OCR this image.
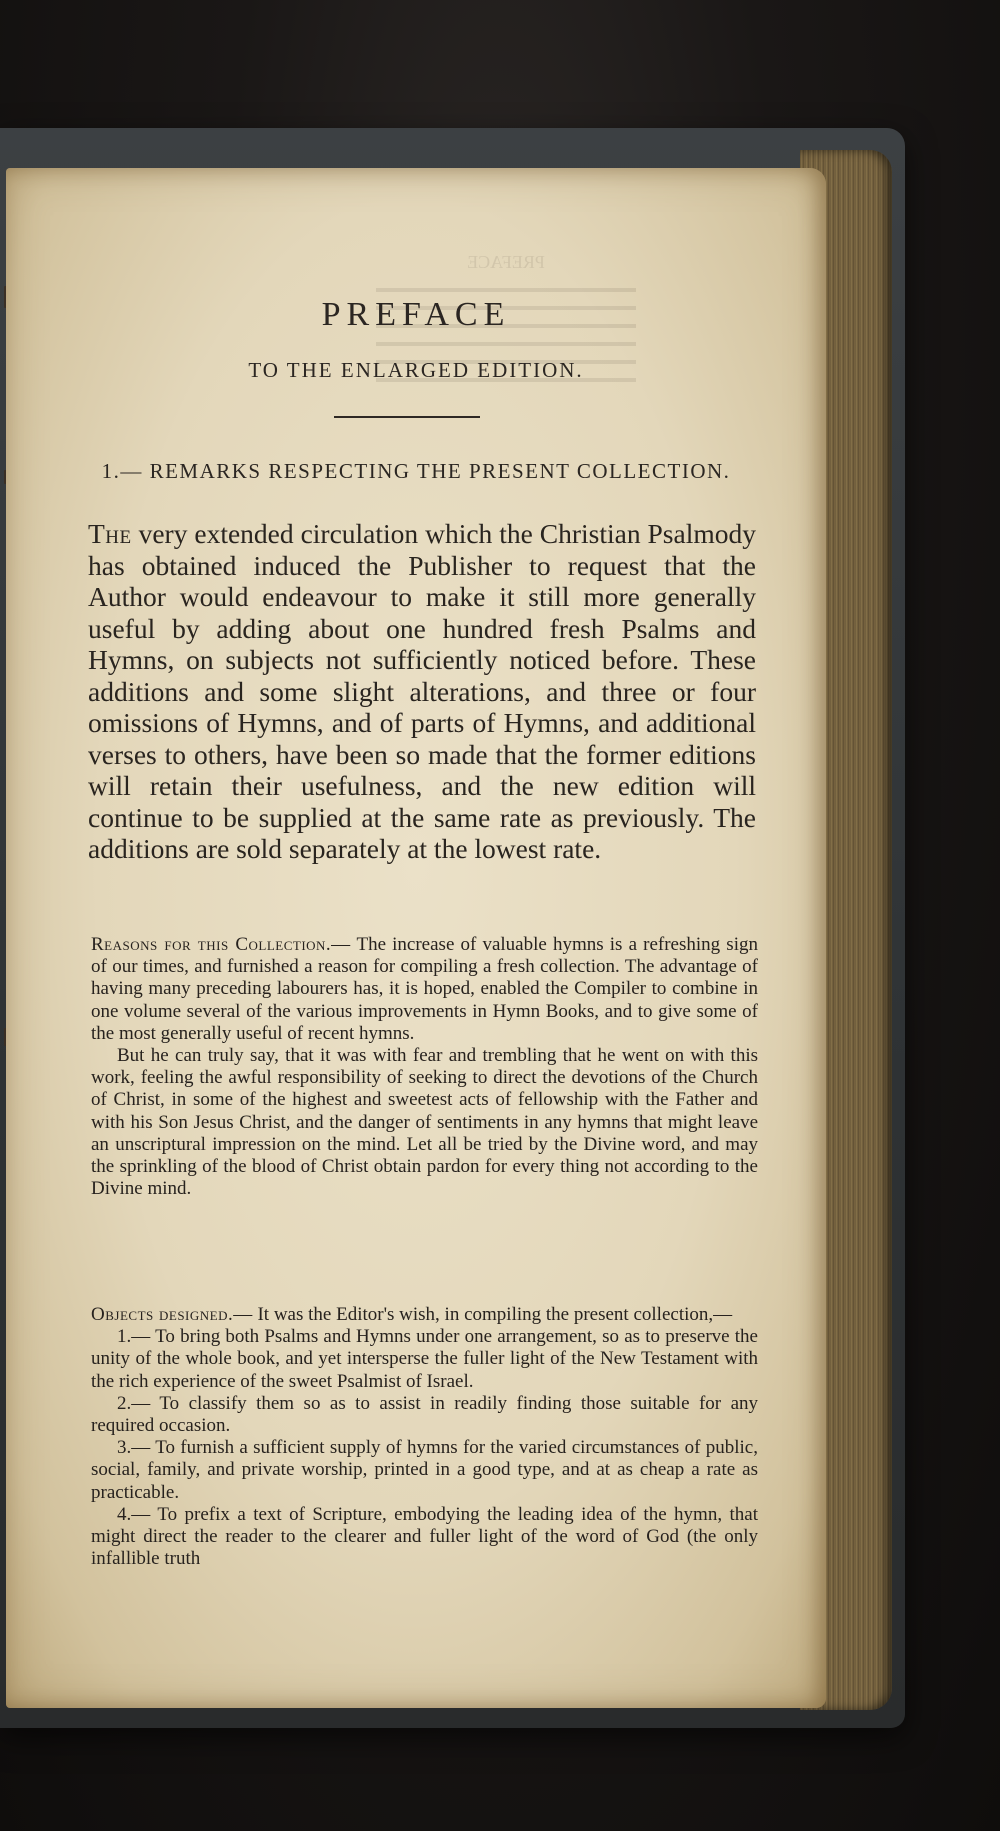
PREFACE
PREFACE
TO THE ENLARGED EDITION.
1.— REMARKS RESPECTING THE PRESENT COLLECTION.
The very extended circulation which the Christian Psalmody has obtained induced the Publisher to request that the Author would endeavour to make it still more generally useful by adding about one hundred fresh Psalms and Hymns, on subjects not sufficiently noticed before. These additions and some slight alterations, and three or four omissions of Hymns, and of parts of Hymns, and additional verses to others, have been so made that the former editions will retain their usefulness, and the new edition will continue to be supplied at the same rate as previously. The additions are sold separately at the lowest rate.

Reasons for this Collection.— The increase of valuable hymns is a refreshing sign of our times, and furnished a reason for compiling a fresh collection. The advantage of having many preceding labourers has, it is hoped, enabled the Compiler to combine in one volume several of the various improvements in Hymn Books, and to give some of the most generally useful of recent hymns.

But he can truly say, that it was with fear and trembling that he went on with this work, feeling the awful responsibility of seeking to direct the devotions of the Church of Christ, in some of the highest and sweetest acts of fellowship with the Father and with his Son Jesus Christ, and the danger of sentiments in any hymns that might leave an unscriptural impression on the mind. Let all be tried by the Divine word, and may the sprinkling of the blood of Christ obtain pardon for every thing not according to the Divine mind.

Objects designed.— It was the Editor's wish, in compiling the present collection,—

1.— To bring both Psalms and Hymns under one arrangement, so as to preserve the unity of the whole book, and yet intersperse the fuller light of the New Testament with the rich experience of the sweet Psalmist of Israel.

2.— To classify them so as to assist in readily finding those suitable for any required occasion.

3.— To furnish a sufficient supply of hymns for the varied circumstances of public, social, family, and private worship, printed in a good type, and at as cheap a rate as practicable.

4.— To prefix a text of Scripture, embodying the leading idea of the hymn, that might direct the reader to the clearer and fuller light of the word of God (the only infallible truth
